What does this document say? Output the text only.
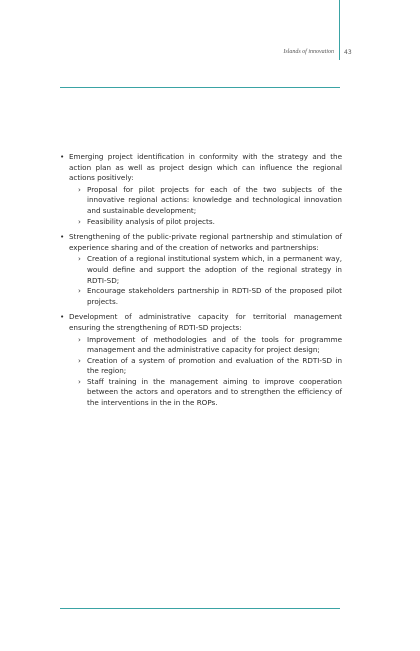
Islands of innovation 43
• Emerging project identification in conformity with the strategy and the action plan as well as project design which can influence the regional actions positively:
› Proposal for pilot projects for each of the two subjects of the innovative regional actions: knowledge and technological innovation and sustainable development;
› Feasibility analysis of pilot projects.
• Strengthening of the public-private regional partnership and stimulation of experience sharing and of the creation of networks and partnerships:
› Creation of a regional institutional system which, in a permanent way, would define and support the adoption of the regional strategy in RDTI-SD;
› Encourage stakeholders partnership in RDTI-SD of the proposed pilot projects.
• Development of administrative capacity for territorial management ensuring the strengthening of RDTI-SD projects:
› Improvement of methodologies and of the tools for programme management and the administrative capacity for project design;
› Creation of a system of promotion and evaluation of the RDTI-SD in the region;
› Staff training in the management aiming to improve cooperation between the actors and operators and to strengthen the efficiency of the interventions in the in the ROPs.
